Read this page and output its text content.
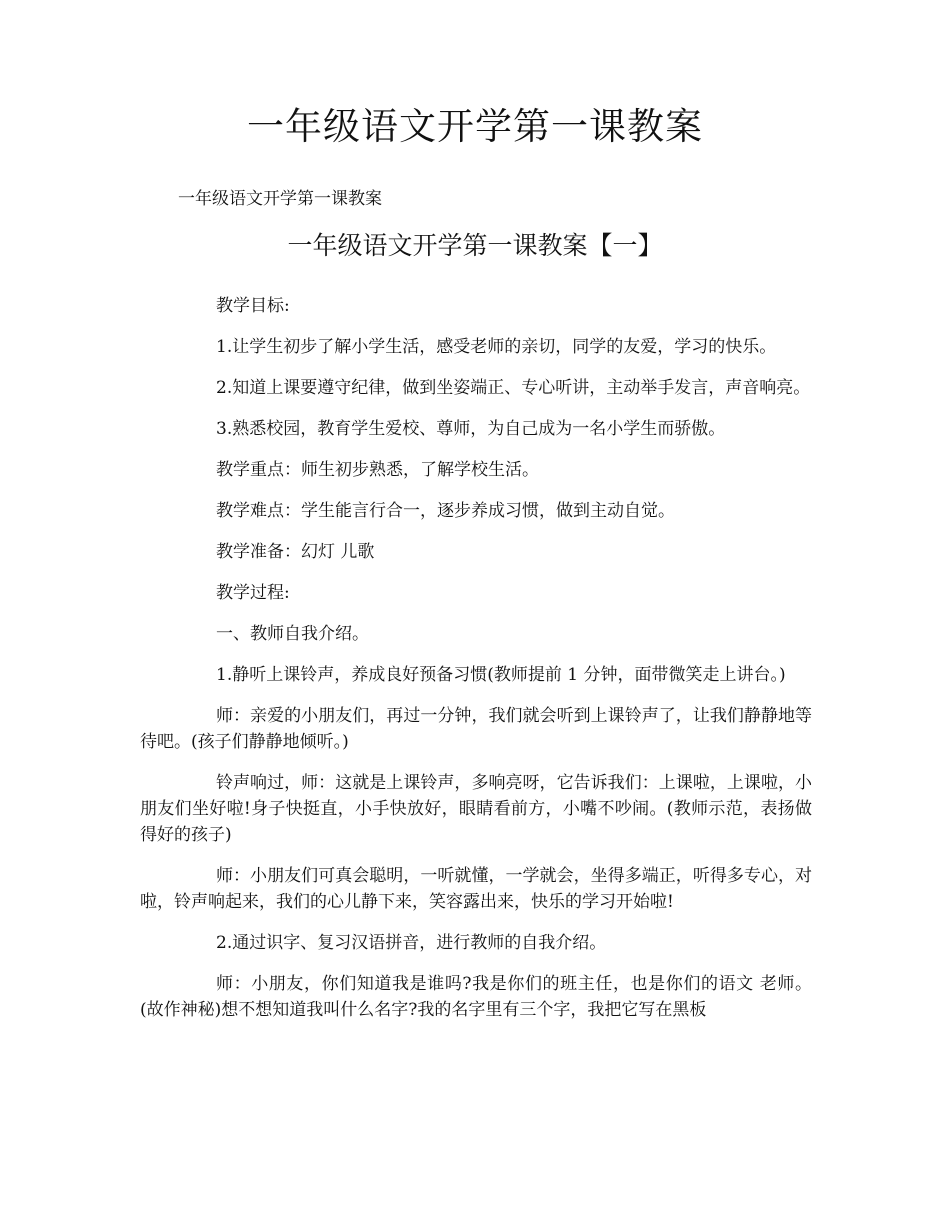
一年级语文开学第一课教案

一年级语文开学第一课教案

一年级语文开学第一课教案【一】

教学目标:

1.让学生初步了解小学生活，感受老师的亲切，同学的友爱，学习的快乐。

2.知道上课要遵守纪律，做到坐姿端正、专心听讲，主动举手发言，声音响亮。

3.熟悉校园，教育学生爱校、尊师，为自己成为一名小学生而骄傲。

教学重点：师生初步熟悉，了解学校生活。

教学难点：学生能言行合一，逐步养成习惯，做到主动自觉。

教学准备：幻灯 儿歌

教学过程:

一、教师自我介绍。

1.静听上课铃声，养成良好预备习惯(教师提前 1 分钟，面带微笑走上讲台。)

师：亲爱的小朋友们，再过一分钟，我们就会听到上课铃声了，让我们静静地等待吧。(孩子们静静地倾听。)

铃声响过，师：这就是上课铃声，多响亮呀，它告诉我们：上课啦，上课啦，小朋友们坐好啦!身子快挺直，小手快放好，眼睛看前方，小嘴不吵闹。(教师示范，表扬做得好的孩子)

师：小朋友们可真会聪明，一听就懂，一学就会，坐得多端正，听得多专心，对啦，铃声响起来，我们的心儿静下来，笑容露出来，快乐的学习开始啦!

2.通过识字、复习汉语拼音，进行教师的自我介绍。

师：小朋友，你们知道我是谁吗?我是你们的班主任，也是你们的语文 老师。(故作神秘)想不想知道我叫什么名字?我的名字里有三个字，我把它写在黑板
